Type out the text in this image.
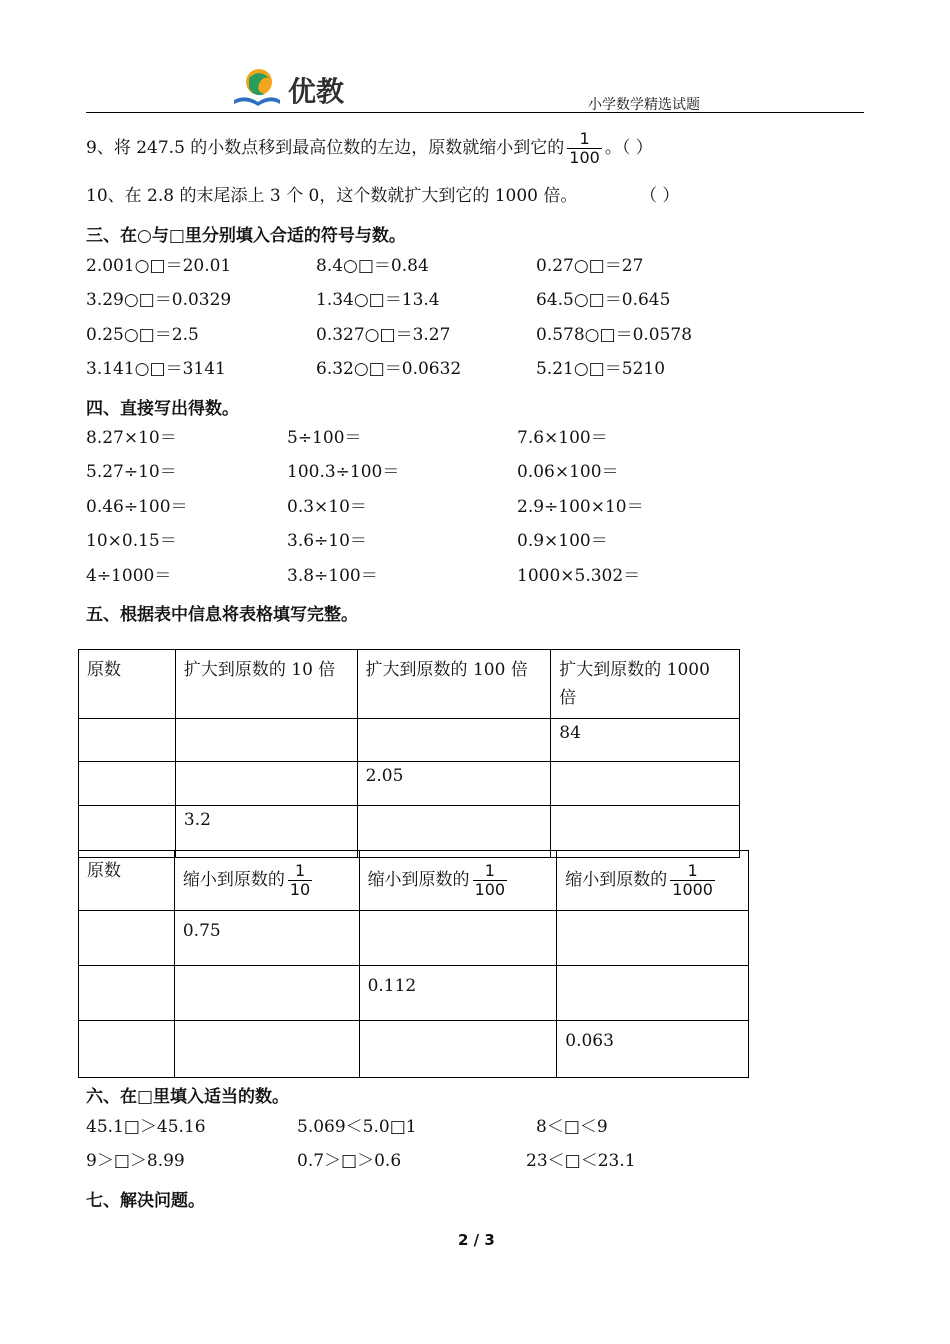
优教	小学数学精选试题
9、将 247.5 的小数点移到最高位数的左边，原数就缩小到它的 $\frac{1}{100}$ 。（ ）
10、在 2.8 的末尾添上 3 个 0，这个数就扩大到它的 1000 倍。	（ ）
三、在○与□里分别填入合适的符号与数。
2.001○□＝20.01	8.4○□＝0.84	0.27○□＝27
3.29○□＝0.0329	1.34○□＝13.4	64.5○□＝0.645
0.25○□＝2.5	0.327○□＝3.27	0.578○□＝0.0578
3.141○□＝3141	6.32○□＝0.0632	5.21○□＝5210
四、直接写出得数。
8.27×10＝	5÷100＝	7.6×100＝
5.27÷10＝	100.3÷100＝	0.06×100＝
0.46÷100＝	0.3×10＝	2.9÷100×10＝
10×0.15＝	3.6÷10＝	0.9×100＝
4÷1000＝	3.8÷100＝	1000×5.302＝
五、根据表中信息将表格填写完整。
原数	扩大到原数的 10 倍	扩大到原数的 100 倍	扩大到原数的 1000 倍
			84
		2.05	
	3.2		
原数	缩小到原数的 $\frac{1}{10}$	缩小到原数的 $\frac{1}{100}$	缩小到原数的 $\frac{1}{1000}$

	0.75		
		0.112	
			0.063
六、在□里填入适当的数。
45.1□＞45.16	5.069＜5.0□1	8＜□＜9
9＞□＞8.99	0.7＞□＞0.6	23＜□＜23.1
七、解决问题。
2 / 3
